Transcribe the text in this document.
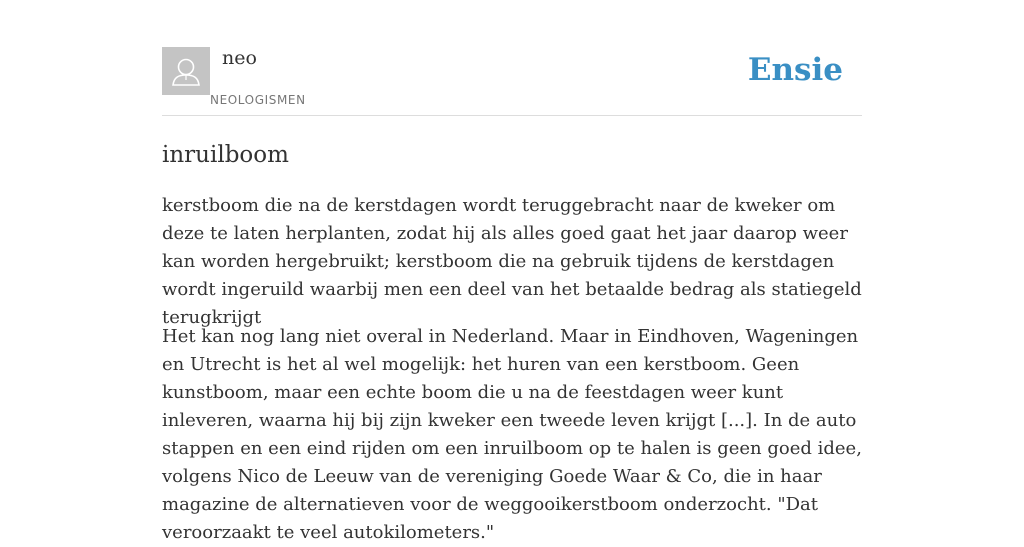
neo
NEOLOGISMEN
Ensie
inruilboom

kerstboom die na de kerstdagen wordt teruggebracht naar de kweker om deze te laten herplanten, zodat hij als alles goed gaat het jaar daarop weer kan worden hergebruikt; kerstboom die na gebruik tijdens de kerstdagen wordt ingeruild waarbij men een deel van het betaalde bedrag als statiegeld terugkrijgt

Het kan nog lang niet overal in Nederland. Maar in Eindhoven, Wageningen en Utrecht is het al wel mogelijk: het huren van een kerstboom. Geen kunstboom, maar een echte boom die u na de feestdagen weer kunt inleveren, waarna hij bij zijn kweker een tweede leven krijgt [...]. In de auto stappen en een eind rijden om een inruilboom op te halen is geen goed idee, volgens Nico de Leeuw van de vereniging Goede Waar & Co, die in haar magazine de alternatieven voor de weggooikerstboom onderzocht. "Dat veroorzaakt te veel autokilometers."
